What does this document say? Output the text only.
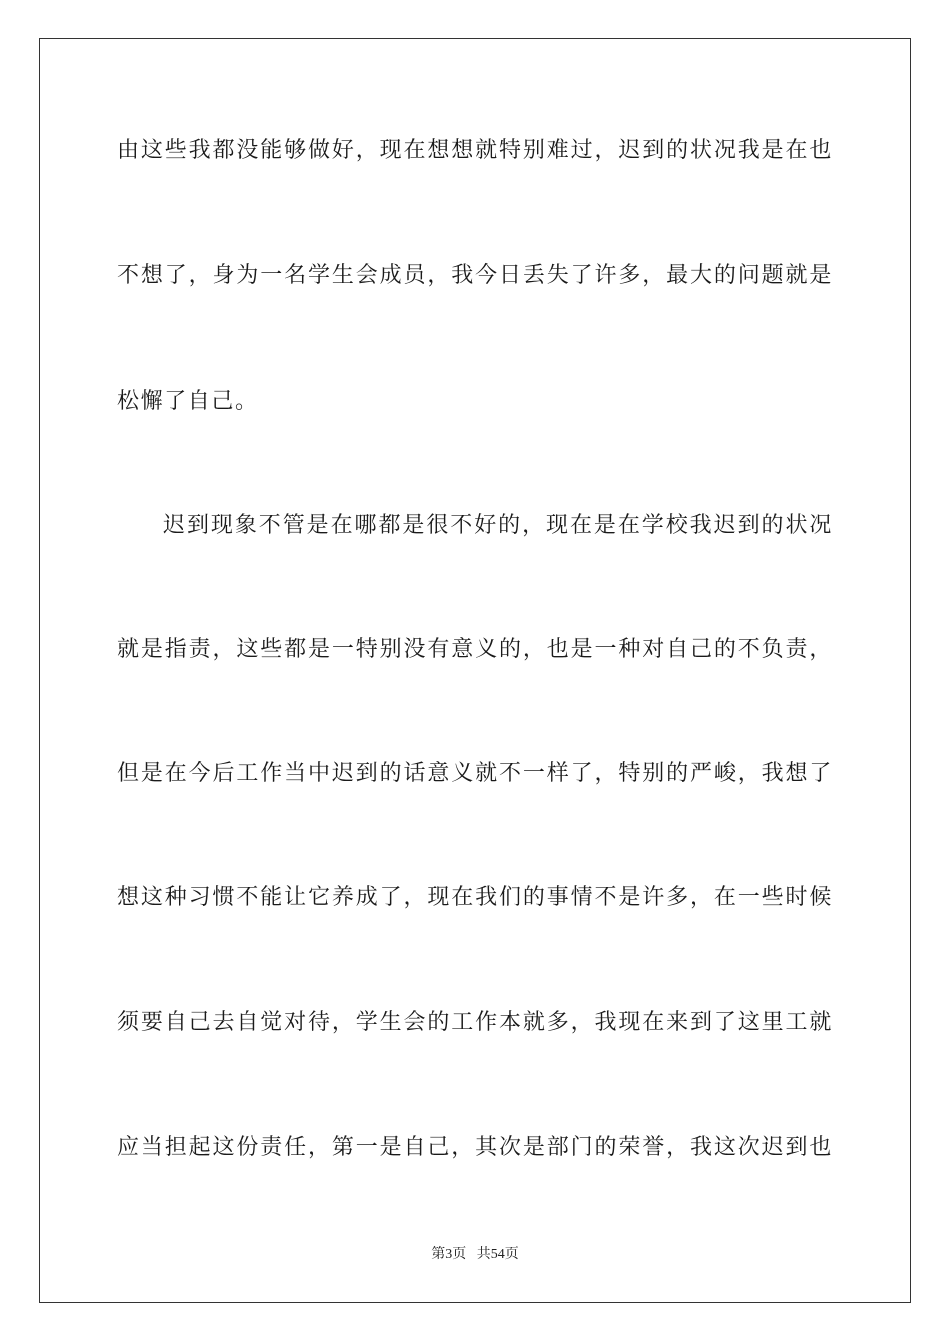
由这些我都没能够做好，现在想想就特别难过，迟到的状况我是在也
不想了，身为一名学生会成员，我今日丢失了许多，最大的问题就是
松懈了自己。
迟到现象不管是在哪都是很不好的，现在是在学校我迟到的状况
就是指责，这些都是一特别没有意义的，也是一种对自己的不负责，
但是在今后工作当中迟到的话意义就不一样了，特别的严峻，我想了
想这种习惯不能让它养成了，现在我们的事情不是许多，在一些时候
须要自己去自觉对待，学生会的工作本就多，我现在来到了这里工就
应当担起这份责任，第一是自己，其次是部门的荣誉，我这次迟到也
第3页 共54页
